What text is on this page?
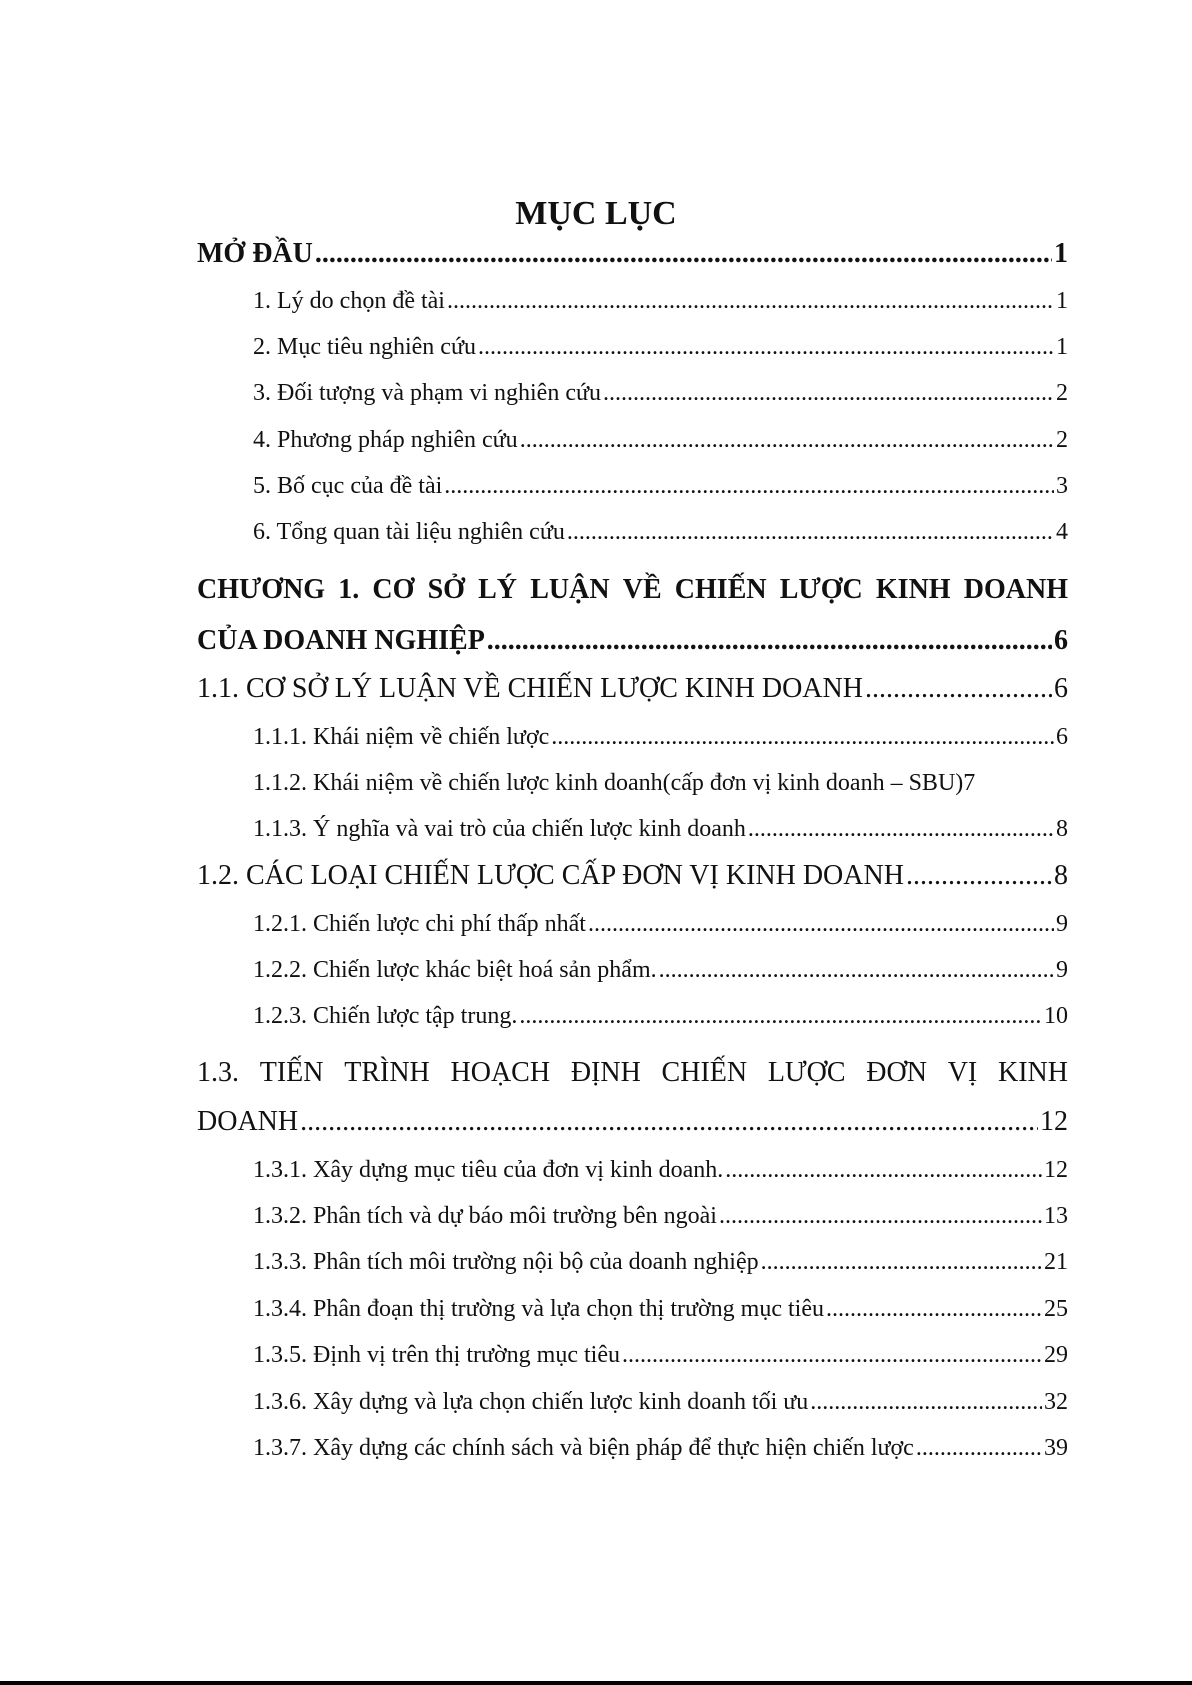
MỤC LỤC
MỞ ĐẦU .....	1
1. Lý do chọn đề tài .....	1
2. Mục tiêu nghiên cứu .....	1
3. Đối tượng và phạm vi nghiên cứu .....	2
4. Phương pháp nghiên cứu .....	2
5. Bố cục của đề tài .....	3
6. Tổng quan tài liệu nghiên cứu .....	4
CHƯƠNG 1. CƠ SỞ LÝ LUẬN VỀ CHIẾN LƯỢC KINH DOANH
CỦA DOANH NGHIỆP .....	6
1.1. CƠ SỞ LÝ LUẬN VỀ CHIẾN LƯỢC KINH DOANH .....	6
1.1.1. Khái niệm về chiến lược .....	6
1.1.2. Khái niệm về chiến lược kinh doanh(cấp đơn vị kinh doanh – SBU) 7
1.1.3. Ý nghĩa và vai trò của chiến lược kinh doanh .....	8
1.2. CÁC LOẠI CHIẾN LƯỢC CẤP ĐƠN VỊ KINH DOANH .....	8
1.2.1. Chiến lược chi phí thấp nhất .....	9
1.2.2. Chiến lược khác biệt hoá sản phẩm. .....	9
1.2.3. Chiến lược tập trung. .....	10
1.3. TIẾN TRÌNH HOẠCH ĐỊNH CHIẾN LƯỢC ĐƠN VỊ KINH
DOANH .....	12
1.3.1. Xây dựng mục tiêu của đơn vị kinh doanh. .....	12
1.3.2. Phân tích và dự báo môi trường bên ngoài .....	13
1.3.3. Phân tích môi trường nội bộ của doanh nghiệp .....	21
1.3.4. Phân đoạn thị trường và lựa chọn thị trường mục tiêu .....	25
1.3.5. Định vị trên thị trường mục tiêu .....	29
1.3.6. Xây dựng và lựa chọn chiến lược kinh doanh tối ưu .....	32
1.3.7. Xây dựng các chính sách và biện pháp để thực hiện chiến lược .....	39
